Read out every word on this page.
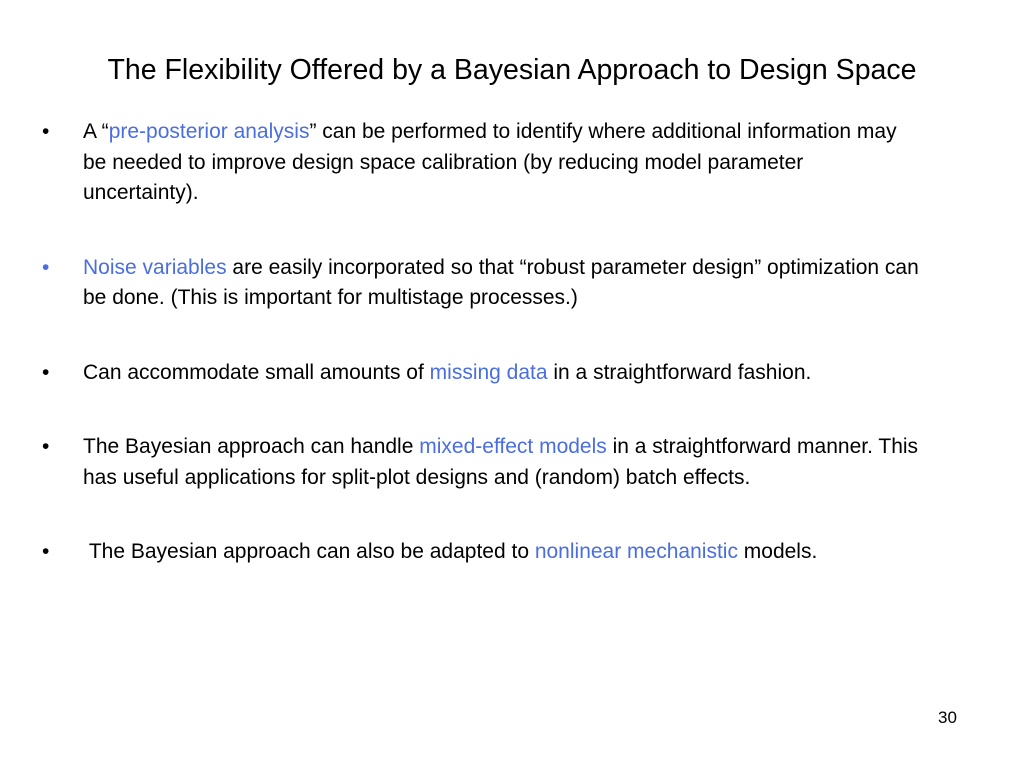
The Flexibility Offered by a Bayesian Approach to Design Space
•	A “pre-posterior analysis” can be performed to identify where additional information may be needed to improve design space calibration (by reducing model parameter uncertainty).
•	Noise variables are easily incorporated so that “robust parameter design” optimization can be done. (This is important for multistage processes.)
•	Can accommodate small amounts of missing data in a straightforward fashion.
•	The Bayesian approach can handle mixed-effect models in a straightforward manner. This has useful applications for split-plot designs and (random) batch effects.
•	The Bayesian approach can also be adapted to nonlinear mechanistic models.
30
